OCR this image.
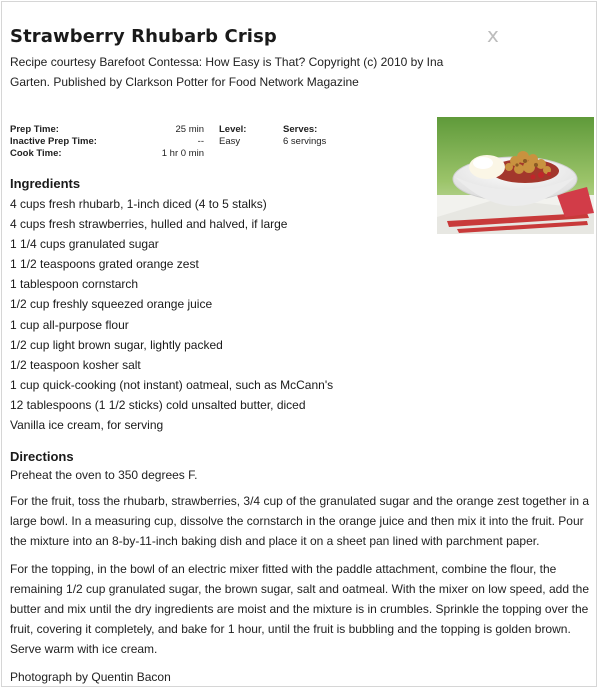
Strawberry Rhubarb Crisp	x
Recipe courtesy Barefoot Contessa: How Easy is That? Copyright (c) 2010 by Ina Garten. Published by Clarkson Potter for Food Network Magazine
Prep Time:
Inactive Prep Time:
Cook Time:
25 min
--
1 hr 0 min
Level:
Easy
Serves:
6 servings
Ingredients
4 cups fresh rhubarb, 1-inch diced (4 to 5 stalks)
4 cups fresh strawberries, hulled and halved, if large
1 1/4 cups granulated sugar
1 1/2 teaspoons grated orange zest
1 tablespoon cornstarch
1/2 cup freshly squeezed orange juice
1 cup all-purpose flour
1/2 cup light brown sugar, lightly packed
1/2 teaspoon kosher salt
1 cup quick-cooking (not instant) oatmeal, such as McCann's
12 tablespoons (1 1/2 sticks) cold unsalted butter, diced
Vanilla ice cream, for serving
Directions
Preheat the oven to 350 degrees F.
For the fruit, toss the rhubarb, strawberries, 3/4 cup of the granulated sugar and the orange zest together in a large bowl. In a measuring cup, dissolve the cornstarch in the orange juice and then mix it into the fruit. Pour the mixture into an 8-by-11-inch baking dish and place it on a sheet pan lined with parchment paper.
For the topping, in the bowl of an electric mixer fitted with the paddle attachment, combine the flour, the remaining 1/2 cup granulated sugar, the brown sugar, salt and oatmeal. With the mixer on low speed, add the butter and mix until the dry ingredients are moist and the mixture is in crumbles. Sprinkle the topping over the fruit, covering it completely, and bake for 1 hour, until the fruit is bubbling and the topping is golden brown. Serve warm with ice cream.
Photograph by Quentin Bacon
